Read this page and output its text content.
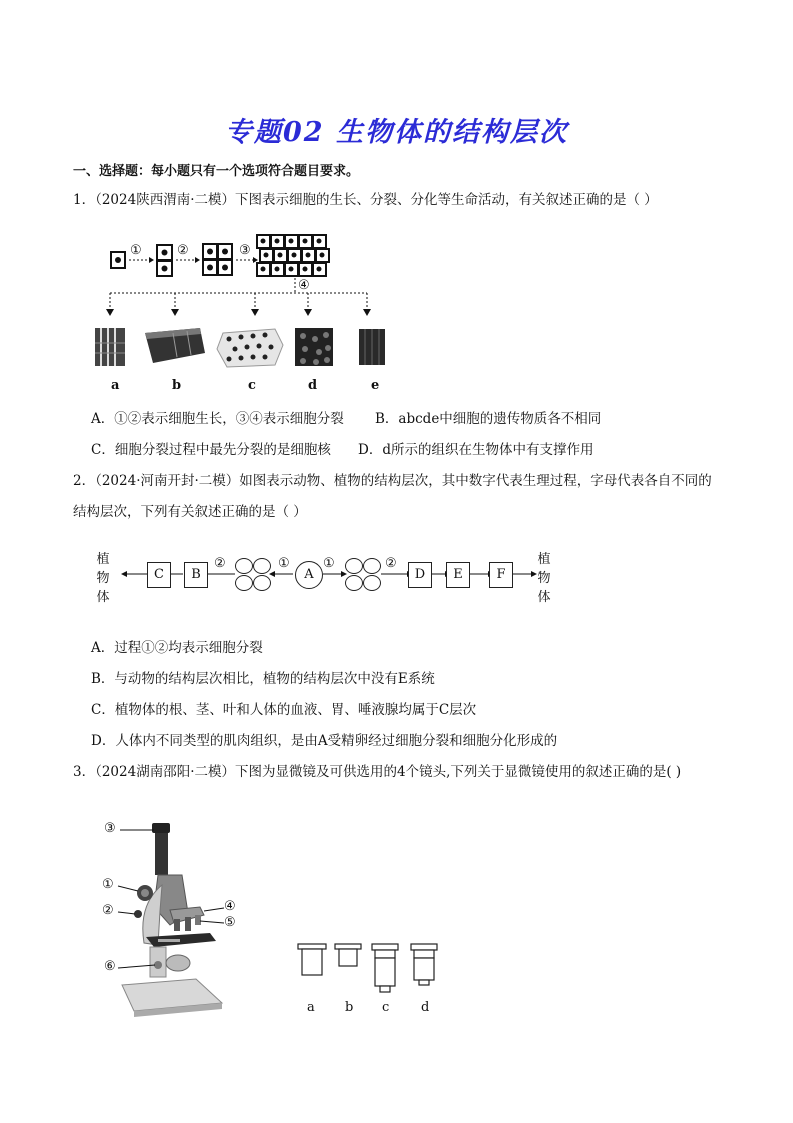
专题02 生物体的结构层次
一、选择题：每小题只有一个选项符合题目要求。
1．（2024陕西渭南·二模）下图表示细胞的生长、分裂、分化等生命活动，有关叙述正确的是（ ）
①	②	③
④
a	b	c	d	e
A．①②表示细胞生长，③④表示细胞分裂 B．abcde中细胞的遗传物质各不相同
C．细胞分裂过程中最先分裂的是细胞核 D．d所示的组织在生物体中有支撑作用
2．（2024·河南开封·二模）如图表示动物、植物的结构层次，其中数字代表生理过程，字母代表各自不同的
结构层次，下列有关叙述正确的是（ ）
植
物
体
植
物
体
C	B
②	①
A
①	②
D	E	F
A．过程①②均表示细胞分裂
B．与动物的结构层次相比，植物的结构层次中没有E系统
C．植物体的根、茎、叶和人体的血液、胃、唾液腺均属于C层次
D．人体内不同类型的肌肉组织，是由A受精卵经过细胞分裂和细胞分化形成的
3．（2024湖南邵阳·二模）下图为显微镜及可供选用的4个镜头,下列关于显微镜使用的叙述正确的是( )
③
①
②	④
⑤
⑥
a b c d
